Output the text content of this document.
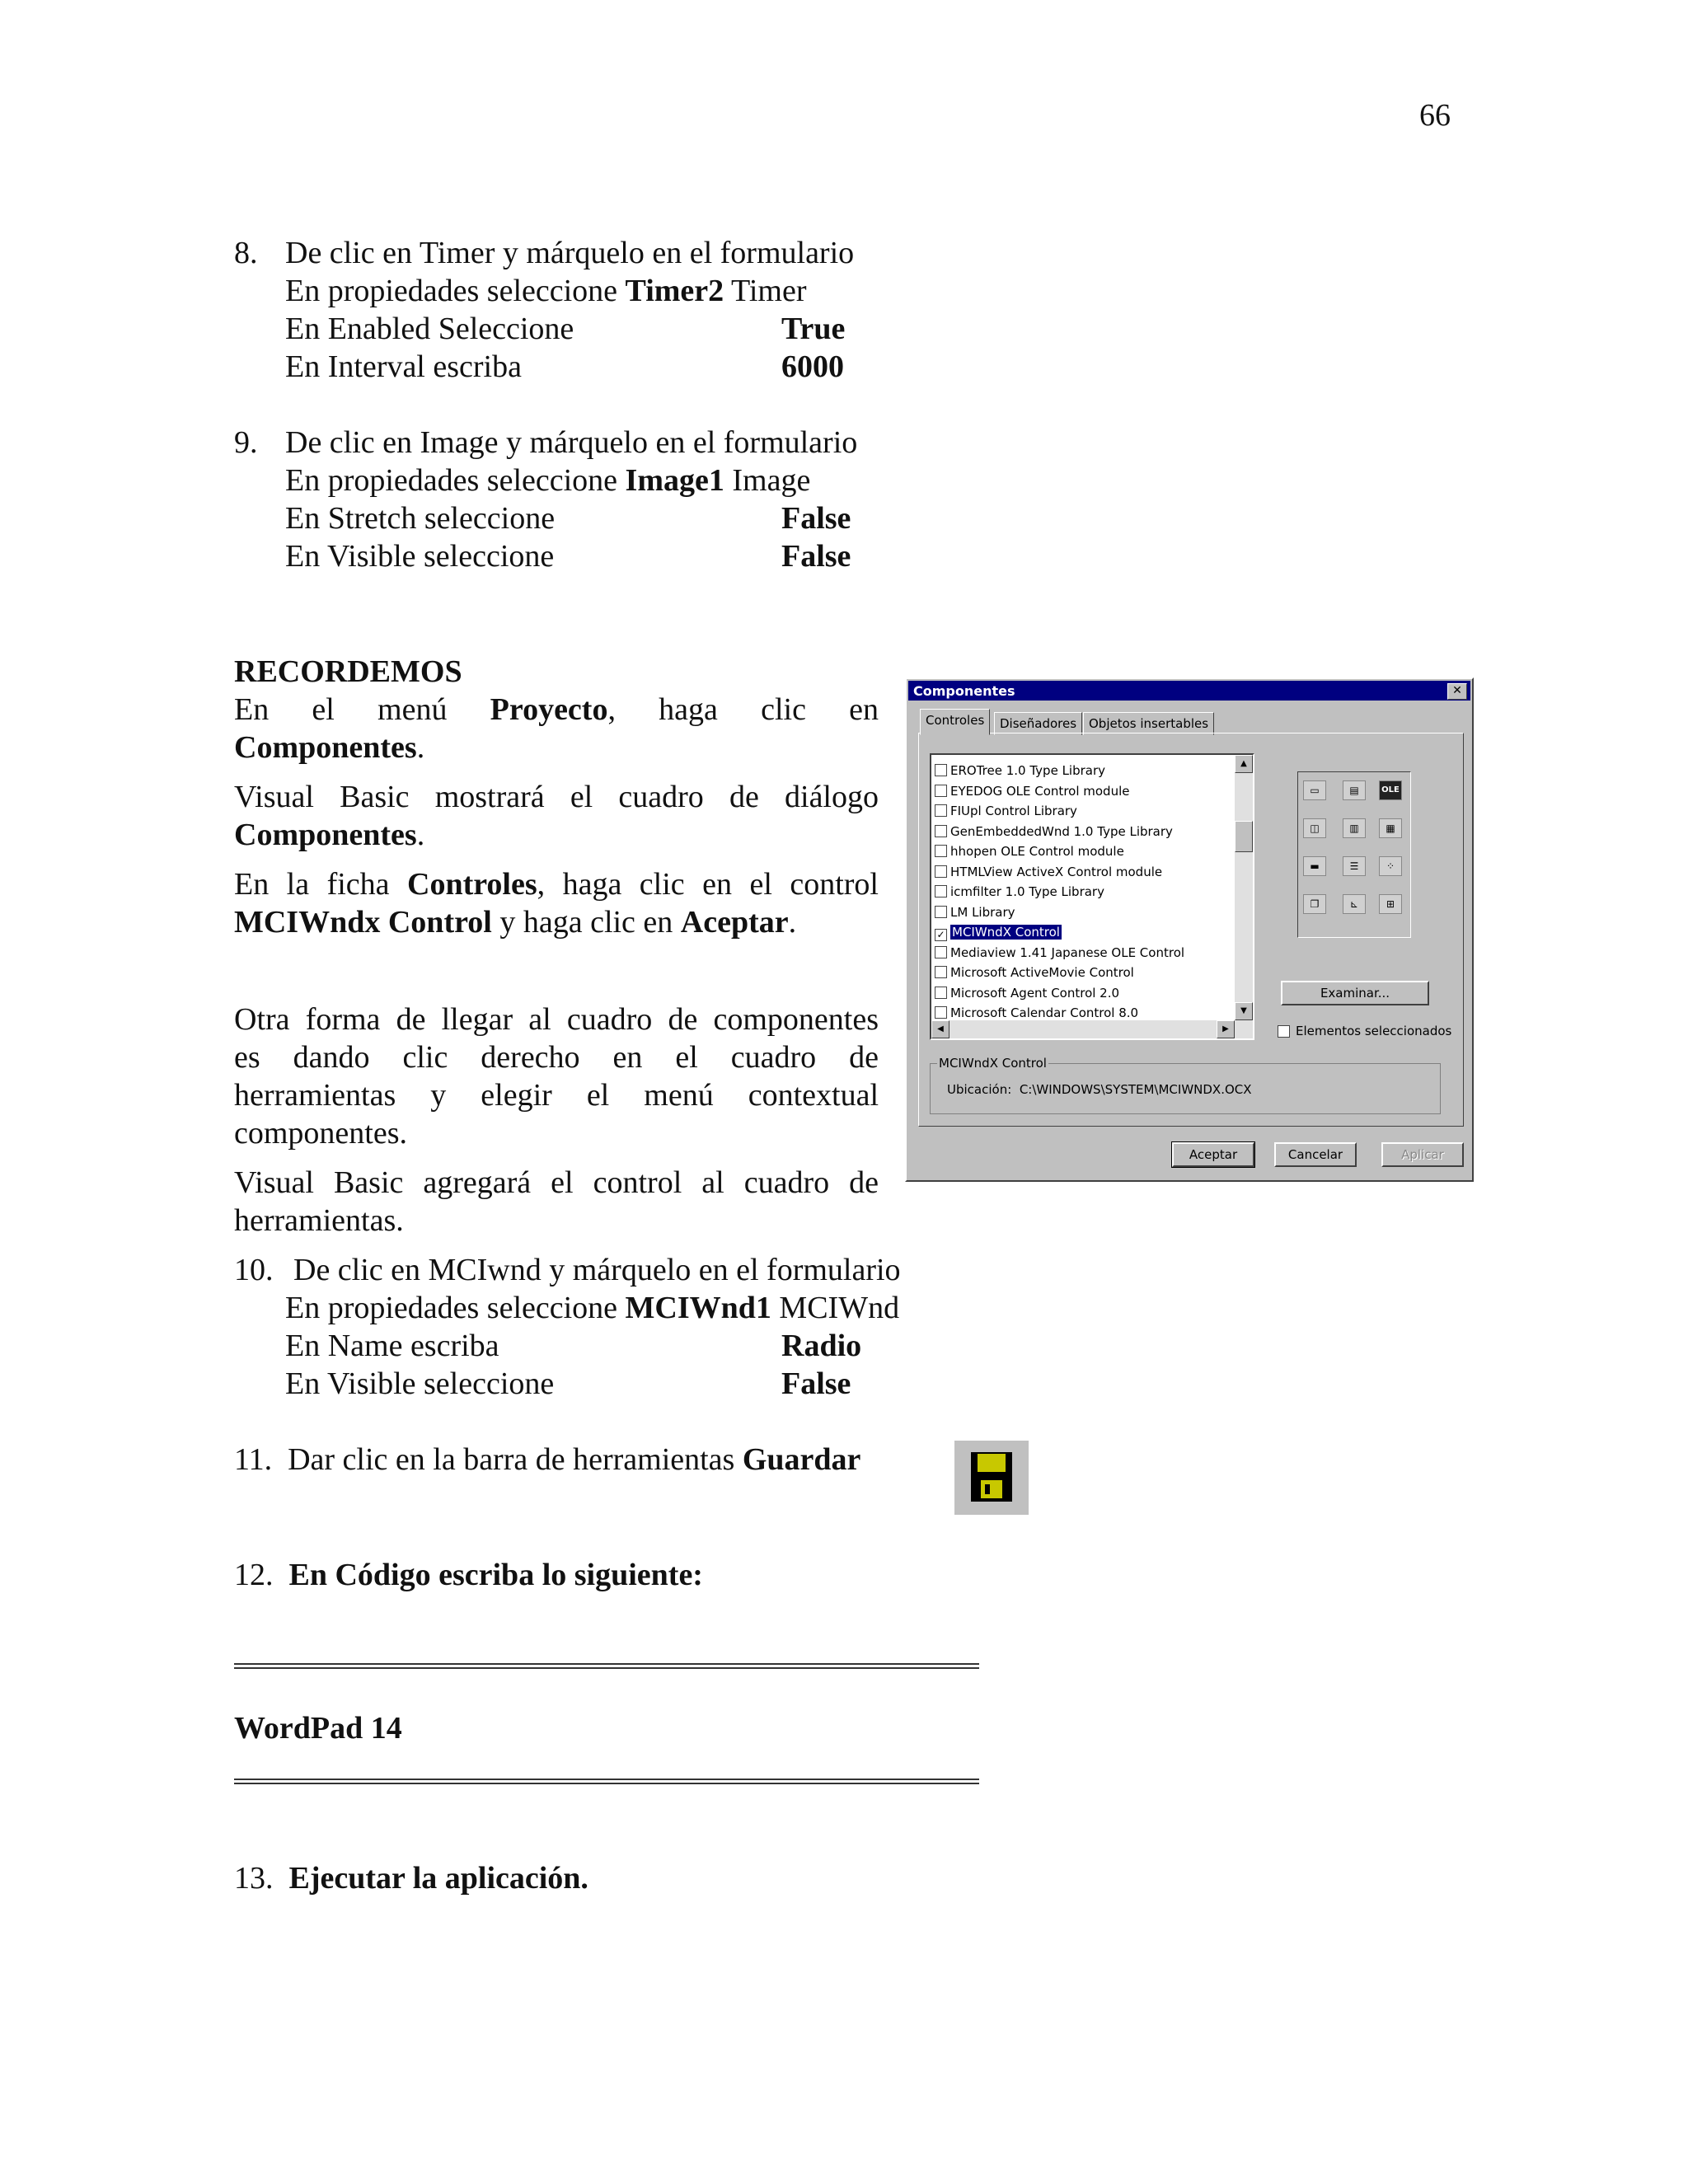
66
8. De clic en Timer y márquelo en el formulario
En propiedades seleccione Timer2 Timer
En Enabled Seleccione	True
En Interval escriba	6000
9. De clic en Image y márquelo en el formulario
En propiedades seleccione Image1 Image
En Stretch seleccione	False
En Visible seleccione	False
RECORDEMOS
En el menú Proyecto, haga clic en
Componentes.
Visual Basic mostrará el cuadro de diálogo
Componentes.
En la ficha Controles, haga clic en el control
MCIWndx Control y haga clic en Aceptar.
Otra forma de llegar al cuadro de componentes
es dando clic derecho en el cuadro de
herramientas y elegir el menú contextual
componentes.
Visual Basic agregará el control al cuadro de
herramientas.
Componentes	✕
Controles	Diseñadores Objetos insertables
EROTree 1.0 Type Library
EYEDOG OLE Control module
FIUpl Control Library
GenEmbeddedWnd 1.0 Type Library
hhopen OLE Control module
HTMLView ActiveX Control module
icmfilter 1.0 Type Library
LM Library
✓ MCIWndX Control
Mediaview 1.41 Japanese OLE Control
Microsoft ActiveMovie Control
Microsoft Agent Control 2.0
Microsoft Calendar Control 8.0
▲
▼
◀	▶
▭	▤	OLE
◫	▥	▦
▬	☰	⁘
❐	⊾	⊞
Examinar...
Elementos seleccionados
MCIWndX Control
Ubicación: C:\WINDOWS\SYSTEM\MCIWNDX.OCX
Aceptar	Cancelar	Aplicar
10. De clic en MCIwnd y márquelo en el formulario
En propiedades seleccione MCIWnd1 MCIWnd
En Name escriba	Radio
En Visible seleccione	False
11. Dar clic en la barra de herramientas Guardar
12. En Código escriba lo siguiente:
WordPad 14
13. Ejecutar la aplicación.
